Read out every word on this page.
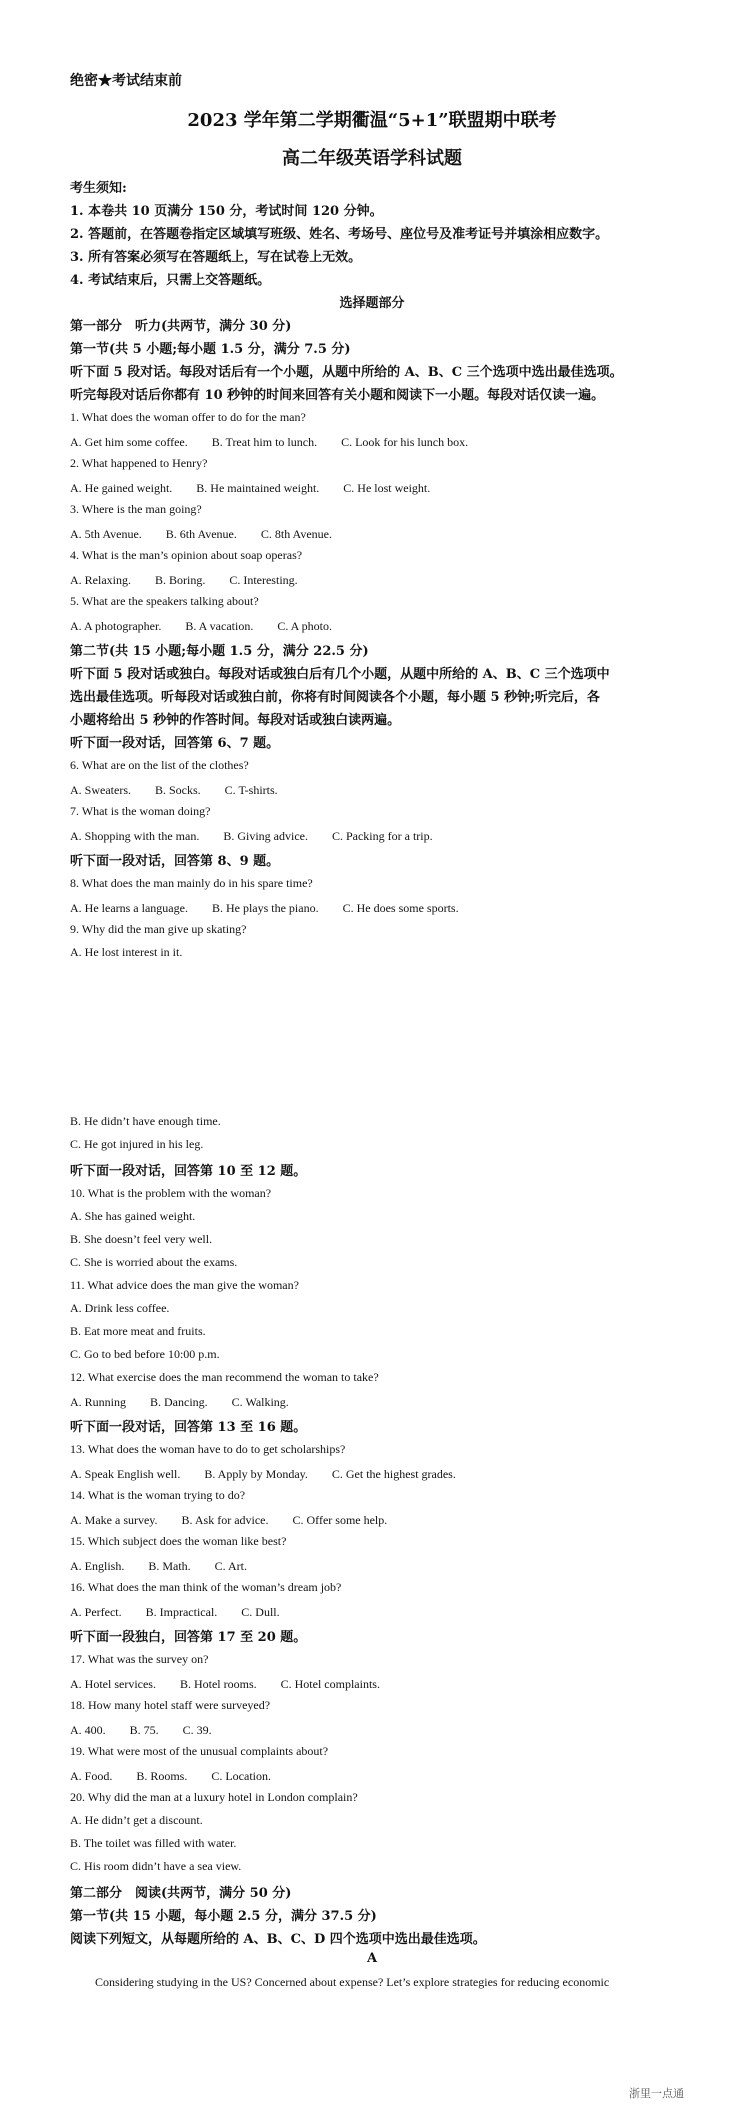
绝密★考试结束前
2023 学年第二学期衢温“5+1”联盟期中联考
高二年级英语学科试题
考生须知:
1. 本卷共 10 页满分 150 分，考试时间 120 分钟。
2. 答题前，在答题卷指定区域填写班级、姓名、考场号、座位号及准考证号并填涂相应数字。
3. 所有答案必须写在答题纸上，写在试卷上无效。
4. 考试结束后，只需上交答题纸。
选择题部分
第一部分　听力(共两节，满分 30 分)
第一节(共 5 小题;每小题 1.5 分，满分 7.5 分)
听下面 5 段对话。每段对话后有一个小题，从题中所给的 A、B、C 三个选项中选出最佳选项。
听完每段对话后你都有 10 秒钟的时间来回答有关小题和阅读下一小题。每段对话仅读一遍。
1. What does the woman offer to do for the man?
A. Get him some coffee.　　B. Treat him to lunch.　　C. Look for his lunch box.
2. What happened to Henry?
A. He gained weight.　　B. He maintained weight.　　C. He lost weight.
3. Where is the man going?
A. 5th Avenue.　　B. 6th Avenue.　　C. 8th Avenue.
4. What is the man’s opinion about soap operas?
A. Relaxing.　　B. Boring.　　C. Interesting.
5. What are the speakers talking about?
A. A photographer.　　B. A vacation.　　C. A photo.
第二节(共 15 小题;每小题 1.5 分，满分 22.5 分)
听下面 5 段对话或独白。每段对话或独白后有几个小题，从题中所给的 A、B、C 三个选项中
选出最佳选项。听每段对话或独白前，你将有时间阅读各个小题，每小题 5 秒钟;听完后，各
小题将给出 5 秒钟的作答时间。每段对话或独白读两遍。
听下面一段对话，回答第 6、7 题。
6. What are on the list of the clothes?
A. Sweaters.　　B. Socks.　　C. T-shirts.
7. What is the woman doing?
A. Shopping with the man.　　B. Giving advice.　　C. Packing for a trip.
听下面一段对话，回答第 8、9 题。
8. What does the man mainly do in his spare time?
A. He learns a language.　　B. He plays the piano.　　C. He does some sports.
9. Why did the man give up skating?
A. He lost interest in it.
B. He didn’t have enough time.
C. He got injured in his leg.
听下面一段对话，回答第 10 至 12 题。
10. What is the problem with the woman?
A. She has gained weight.
B. She doesn’t feel very well.
C. She is worried about the exams.
11. What advice does the man give the woman?
A. Drink less coffee.
B. Eat more meat and fruits.
C. Go to bed before 10:00 p.m.
12. What exercise does the man recommend the woman to take?
A. Running　　B. Dancing.　　C. Walking.
听下面一段对话，回答第 13 至 16 题。
13. What does the woman have to do to get scholarships?
A. Speak English well.　　B. Apply by Monday.　　C. Get the highest grades.
14. What is the woman trying to do?
A. Make a survey.　　B. Ask for advice.　　C. Offer some help.
15. Which subject does the woman like best?
A. English.　　B. Math.　　C. Art.
16. What does the man think of the woman’s dream job?
A. Perfect.　　B. Impractical.　　C. Dull.
听下面一段独白，回答第 17 至 20 题。
17. What was the survey on?
A. Hotel services.　　B. Hotel rooms.　　C. Hotel complaints.
18. How many hotel staff were surveyed?
A. 400.　　B. 75.　　C. 39.
19. What were most of the unusual complaints about?
A. Food.　　B. Rooms.　　C. Location.
20. Why did the man at a luxury hotel in London complain?
A. He didn’t get a discount.
B. The toilet was filled with water.
C. His room didn’t have a sea view.
第二部分　阅读(共两节，满分 50 分)
第一节(共 15 小题，每小题 2.5 分，满分 37.5 分)
阅读下列短文，从每题所给的 A、B、C、D 四个选项中选出最佳选项。
A
Considering studying in the US? Concerned about expense? Let’s explore strategies for reducing economic
浙里一点通
